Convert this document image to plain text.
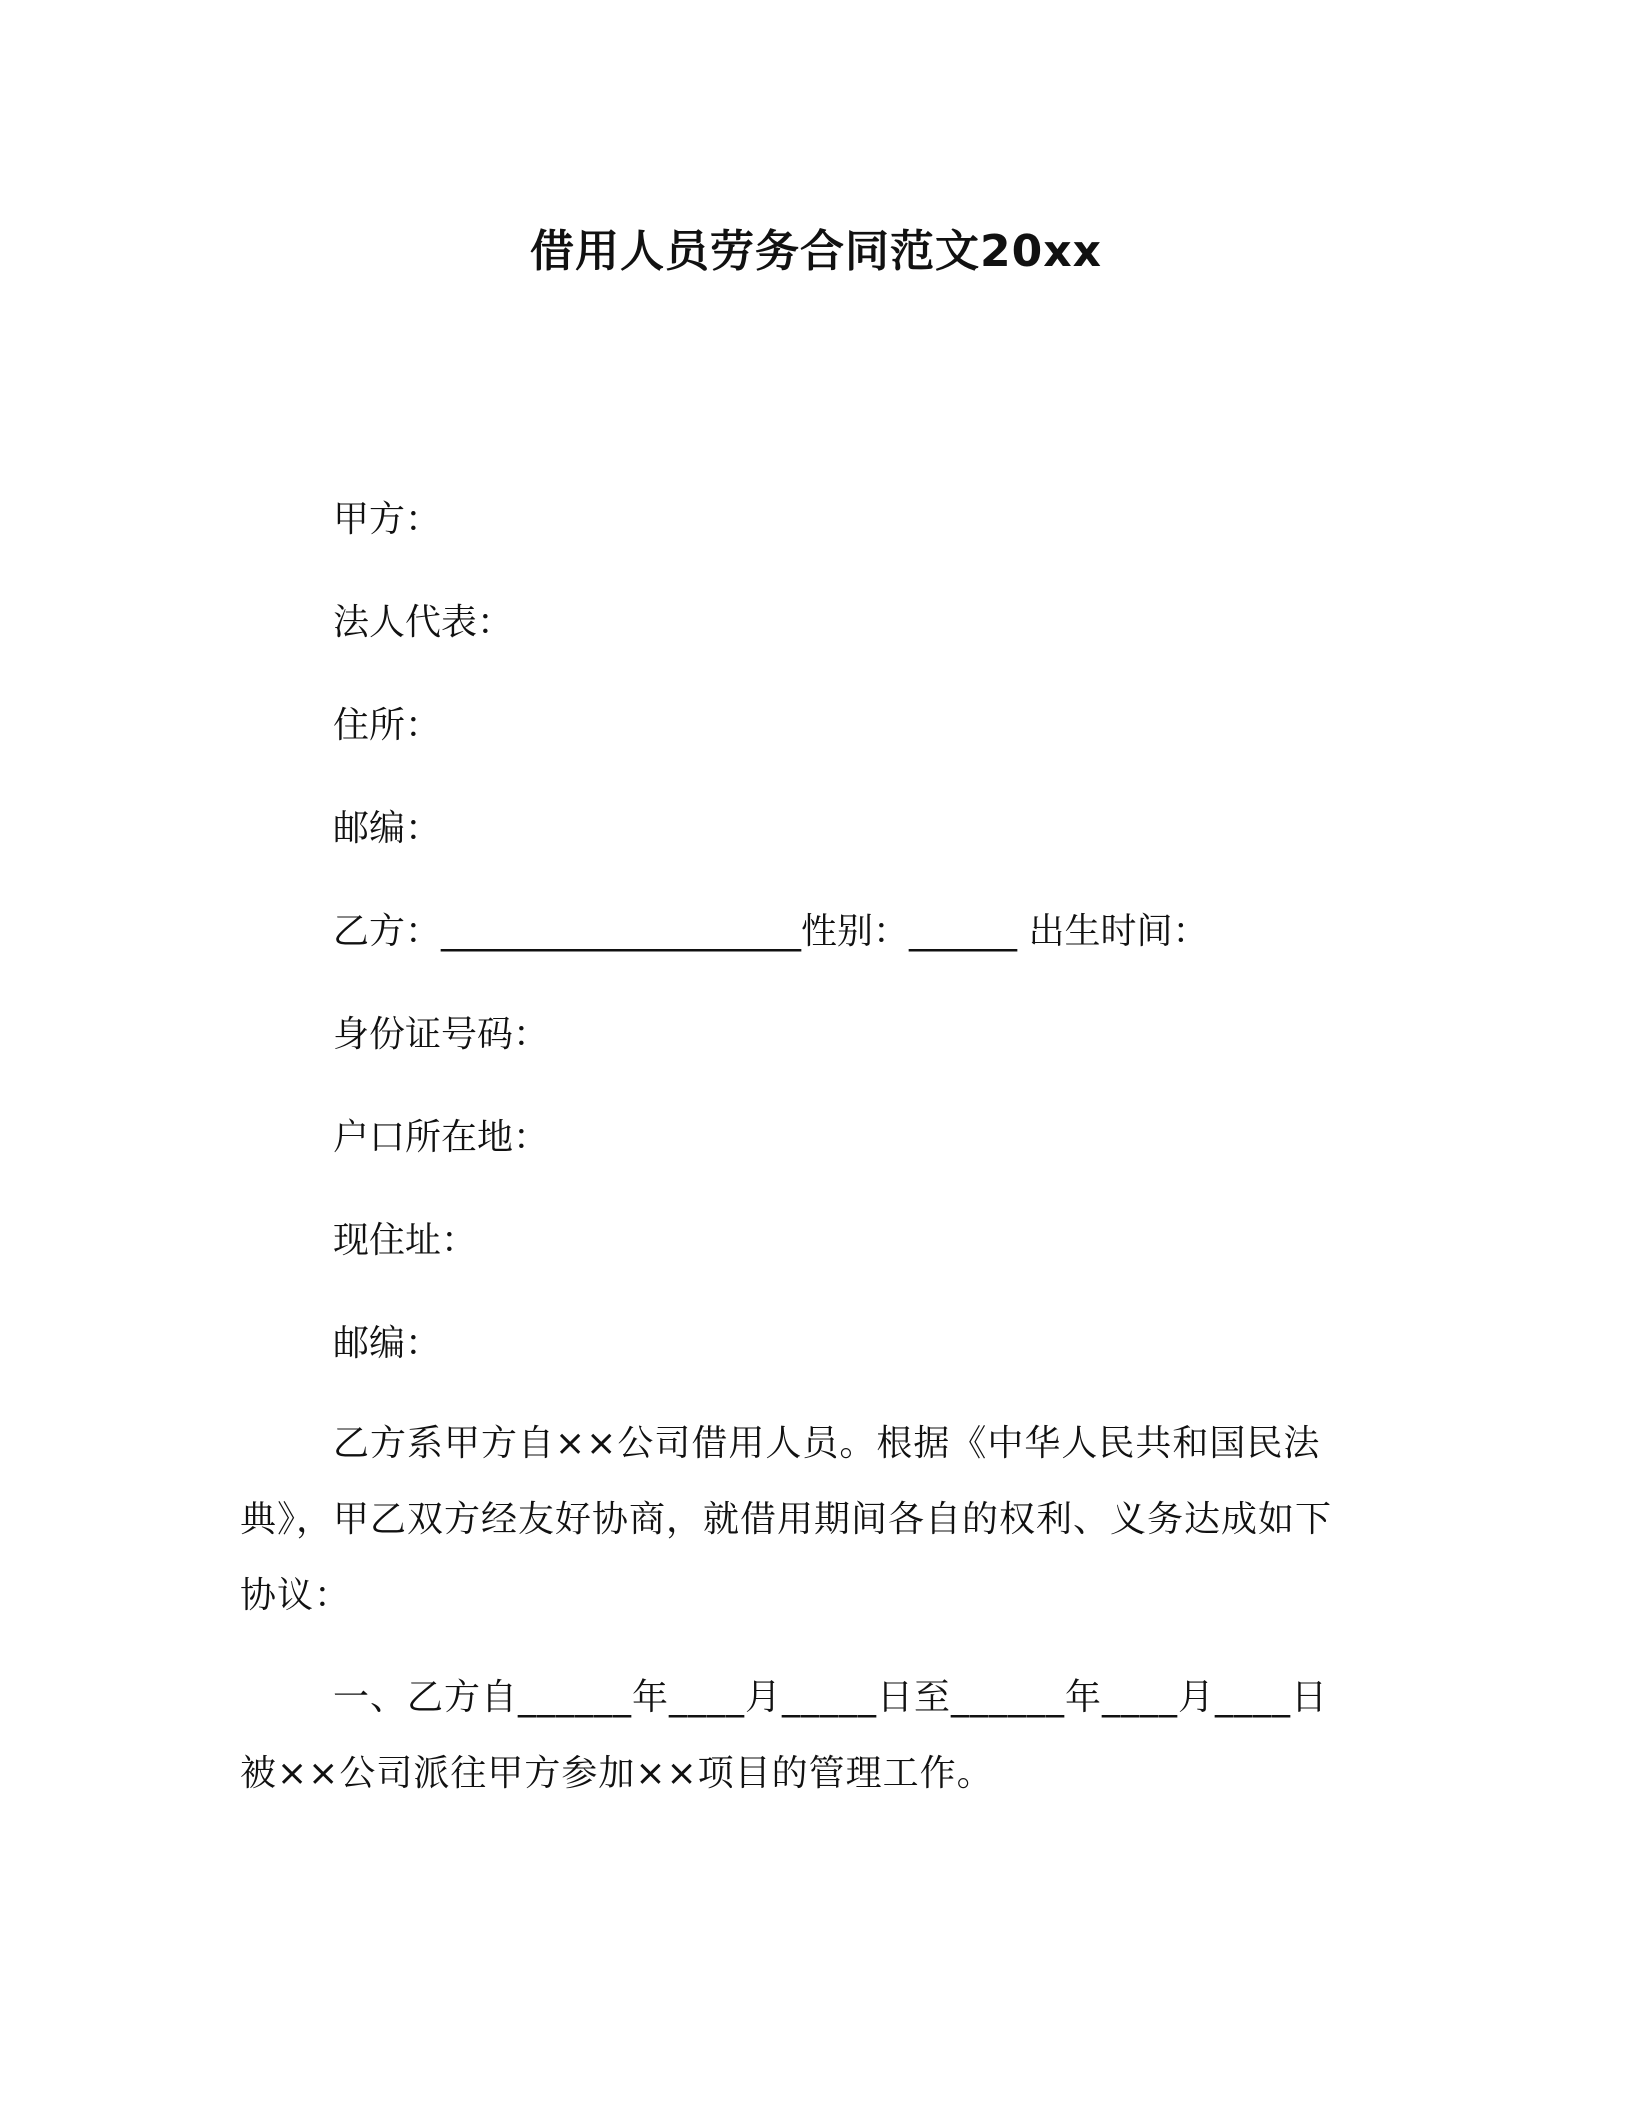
借用人员劳务合同范文20xx

甲方：

法人代表：

住所：

邮编：

乙方：____________________性别：______ 出生时间：

身份证号码：

户口所在地：

现住址：

邮编：

乙方系甲方自××公司借用人员。根据《中华人民共和国民法典》，甲乙双方经友好协商，就借用期间各自的权利、义务达成如下协议：

一、乙方自______年____月_____日至______年____月____日被××公司派往甲方参加××项目的管理工作。
